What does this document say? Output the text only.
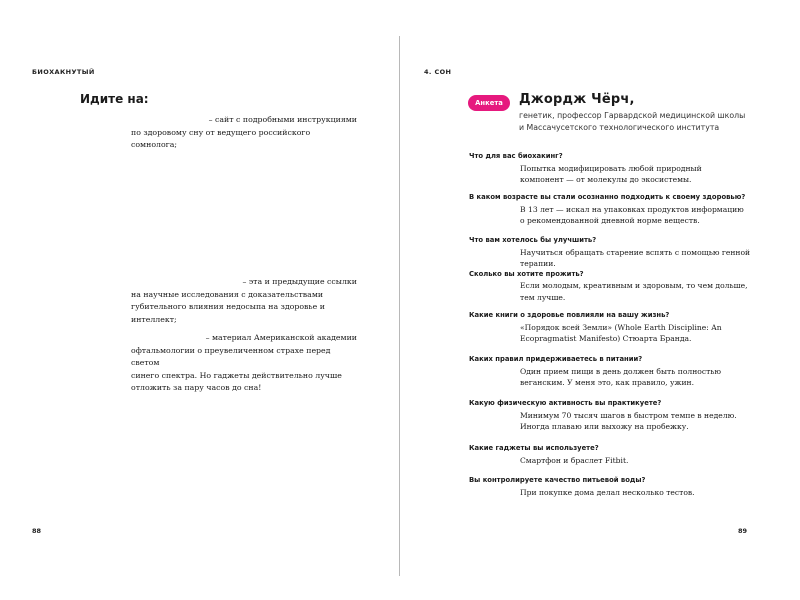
БИОХАКНУТЫЙ
Идите на:

– сайт с подробными инструкциями

по здоровому сну от ведущего российского сомнолога;

– эта и предыдущие ссылки

на научные исследования с доказательствами

губительного влияния недосыпа на здоровье и интеллект;

– материал Американской академии

офтальмологии о преувеличенном страхе перед светом

синего спектра. Но гаджеты действительно лучше

отложить за пару часов до сна!

88
4. СОН
Анкета	Джордж Чёрч,
генетик, профессор Гарвардской медицинской школы и Массачусетского технологического института
Что для вас биохакинг?

Попытка модифицировать любой природный

компонент — от молекулы до экосистемы.

В каком возрасте вы стали осознанно подходить к своему здоровью?

В 13 лет — искал на упаковках продуктов информацию

о рекомендованной дневной норме веществ.

Что вам хотелось бы улучшить?

Научиться обращать старение вспять с помощью генной

терапии.

Сколько вы хотите прожить?

Если молодым, креативным и здоровым, то чем дольше,

тем лучше.

Какие книги о здоровье повлияли на вашу жизнь?

«Порядок всей Земли» (Whole Earth Discipline: An

Ecopragmatist Manifesto) Стюарта Бранда.

Каких правил придерживаетесь в питании?

Один прием пищи в день должен быть полностью

веганским. У меня это, как правило, ужин.

Какую физическую активность вы практикуете?

Минимум 70 тысяч шагов в быстром темпе в неделю.

Иногда плаваю или выхожу на пробежку.

Какие гаджеты вы используете?

Смартфон и браслет Fitbit.

Вы контролируете качество питьевой воды?

При покупке дома делал несколько тестов.

89
